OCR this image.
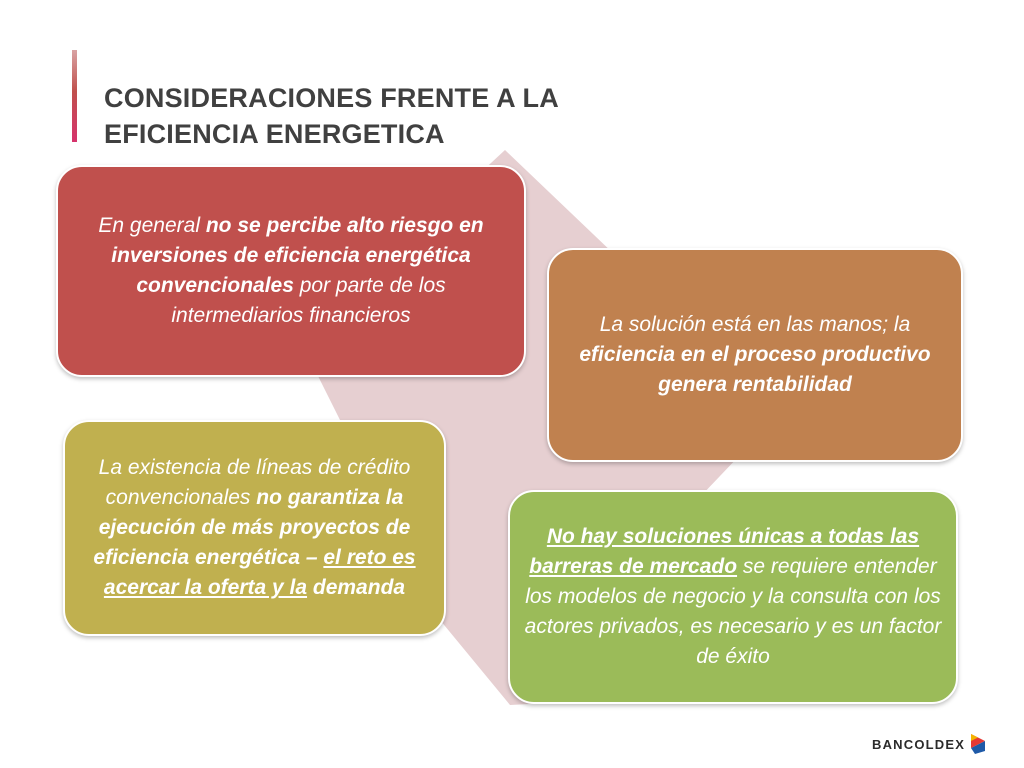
CONSIDERACIONES FRENTE A LA
EFICIENCIA ENERGETICA

En general no se percibe alto riesgo en inversiones de eficiencia energética convencionales por parte de los intermediarios financieros	La solución está en las manos; la eficiencia en el proceso productivo genera rentabilidad

La existencia de líneas de crédito convencionales no garantiza la ejecución de más proyectos de eficiencia energética – el reto es acercar la oferta y la demanda

No hay soluciones únicas a todas las barreras de mercado se requiere entender los modelos de negocio y la consulta con los actores privados, es necesario y es un factor de éxito

BANCOLDEX
